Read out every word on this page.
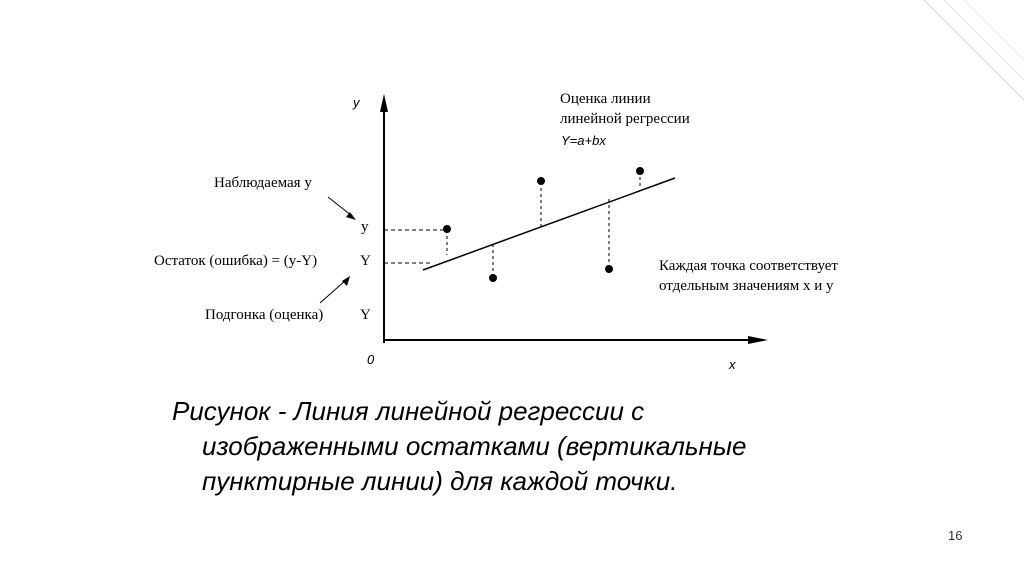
y
x
0
Наблюдаемая y
y
Остаток (ошибка) = (y-Y)	Y
Подгонка (оценка) Y
Оценка линии
линейной регрессии
Y=a+bx
Каждая точка соответствует
отдельным значениям x и y
Рисунок - Линия линейной регрессии с
изображенными остатками (вертикальные
пунктирные линии) для каждой точки.
16
